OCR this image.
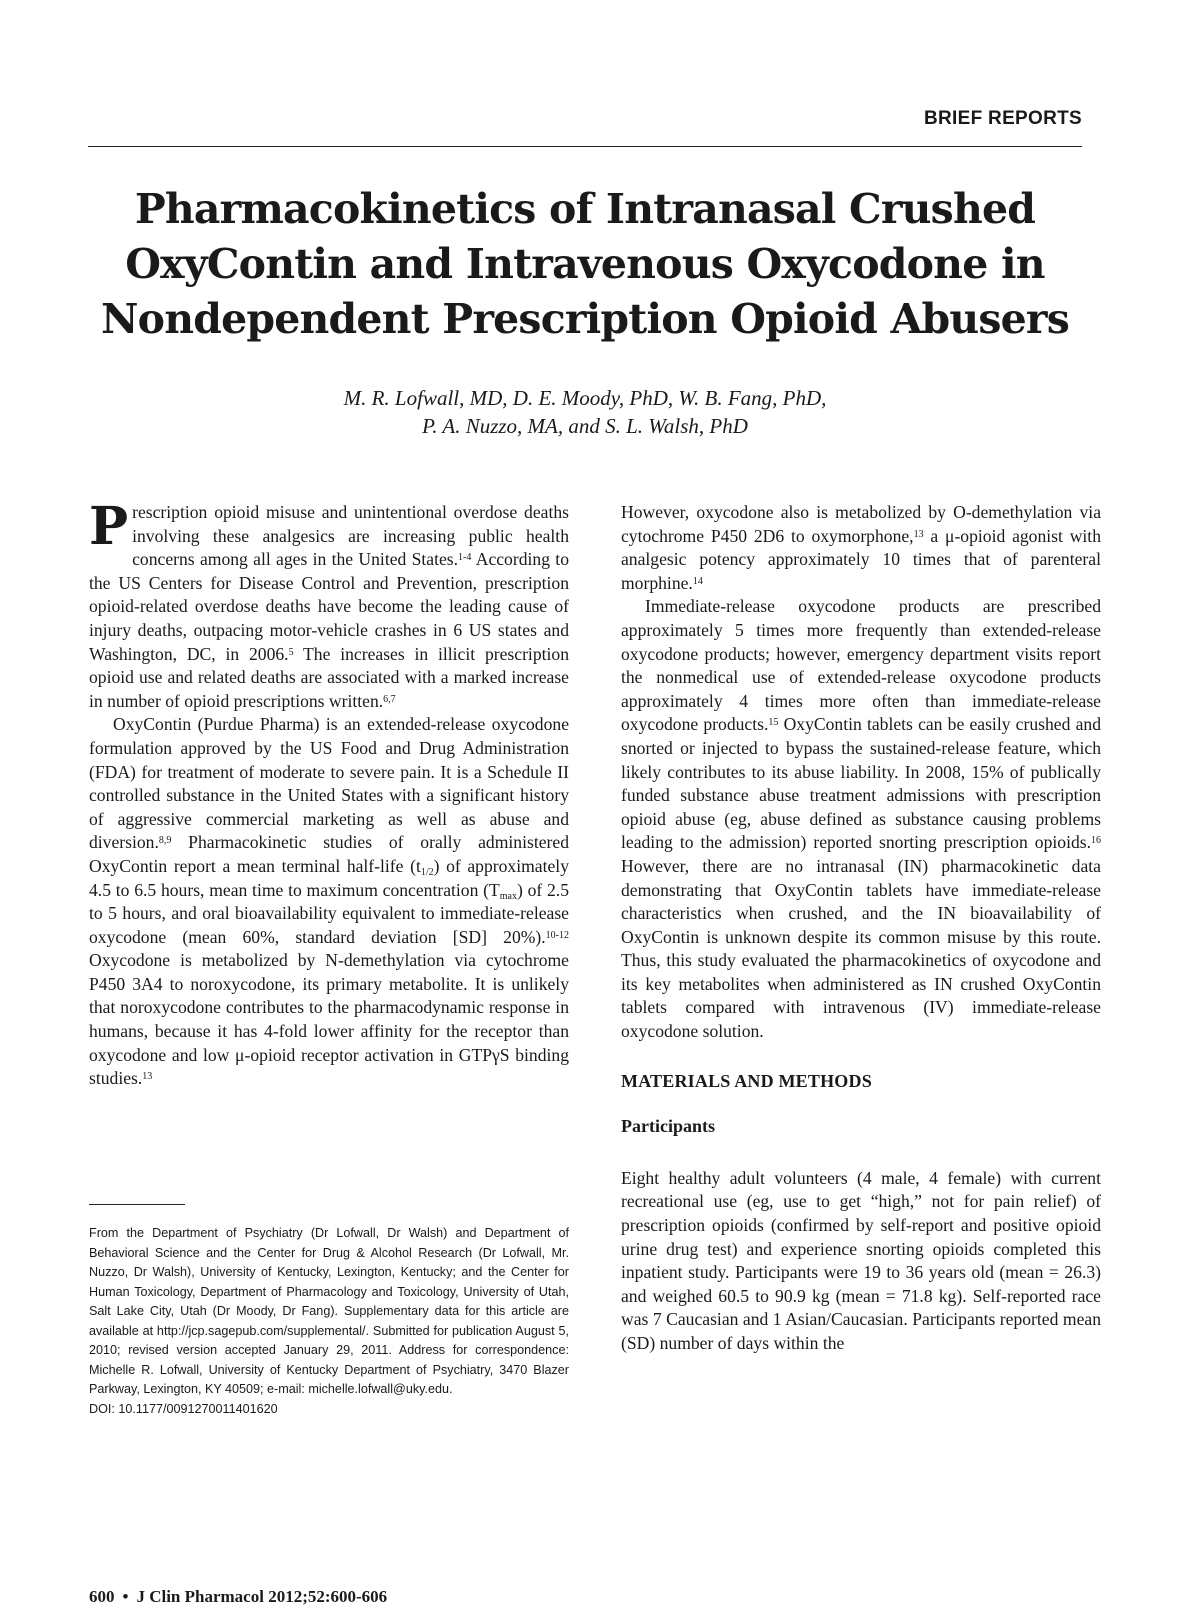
BRIEF REPORTS
Pharmacokinetics of Intranasal Crushed
OxyContin and Intravenous Oxycodone in
Nondependent Prescription Opioid Abusers
M. R. Lofwall, MD, D. E. Moody, PhD, W. B. Fang, PhD,
P. A. Nuzzo, MA, and S. L. Walsh, PhD

Prescription opioid misuse and unintentional overdose deaths involving these analgesics are increasing public health concerns among all ages in the United States.$^{1-4}$ According to the US Centers for Disease Control and Prevention, prescription opioid-related overdose deaths have become the leading cause of injury deaths, outpacing motor-vehicle crashes in 6 US states and Washington, DC, in 2006.$^5$ The increases in illicit prescription opioid use and related deaths are associated with a marked increase in number of opioid prescriptions written.$^{6,7}$

OxyContin (Purdue Pharma) is an extended-release oxycodone formulation approved by the US Food and Drug Administration (FDA) for treatment of moderate to severe pain. It is a Schedule II controlled substance in the United States with a significant history of aggressive commercial marketing as well as abuse and diversion.$^{8,9}$ Pharmacokinetic studies of orally administered OxyContin report a mean terminal half-life $(t_{1/2})$ of approximately 4.5 to 6.5 hours, mean time to maximum concentration $(T_{max})$ of 2.5 to 5 hours, and oral bioavailability equivalent to immediate-release oxycodone (mean 60%, standard deviation [SD] 20%).$^{10-12}$ Oxycodone is metabolized by N-demethylation via cytochrome P450 3A4 to noroxycodone, its primary metabolite. It is unlikely that noroxycodone contributes to the pharmacodynamic response in humans, because it has 4-fold lower affinity for the receptor than oxycodone and low μ-opioid receptor activation in GTPγS binding studies.$^{13}$

However, oxycodone also is metabolized by O-demethylation via cytochrome P450 2D6 to oxymorphone,$^{13}$ a μ-opioid agonist with analgesic potency approximately 10 times that of parenteral morphine.$^{14}$

Immediate-release oxycodone products are prescribed approximately 5 times more frequently than extended-release oxycodone products; however, emergency department visits report the nonmedical use of extended-release oxycodone products approximately 4 times more often than immediate-release oxycodone products.$^{15}$ OxyContin tablets can be easily crushed and snorted or injected to bypass the sustained-release feature, which likely contributes to its abuse liability. In 2008, 15% of publically funded substance abuse treatment admissions with prescription opioid abuse (eg, abuse defined as substance causing problems leading to the admission) reported snorting prescription opioids.$^{16}$ However, there are no intranasal (IN) pharmacokinetic data demonstrating that OxyContin tablets have immediate-release characteristics when crushed, and the IN bioavailability of OxyContin is unknown despite its common misuse by this route. Thus, this study evaluated the pharmacokinetics of oxycodone and its key metabolites when administered as IN crushed OxyContin tablets compared with intravenous (IV) immediate-release oxycodone solution.

MATERIALS AND METHODS
Participants

Eight healthy adult volunteers (4 male, 4 female) with current recreational use (eg, use to get “high,” not for pain relief) of prescription opioids (confirmed by self-report and positive opioid urine drug test) and experience snorting opioids completed this inpatient study. Participants were 19 to 36 years old (mean = 26.3) and weighed 60.5 to 90.9 kg (mean = 71.8 kg). Self-reported race was 7 Caucasian and 1 Asian/Caucasian. Participants reported mean (SD) number of days within the

From the Department of Psychiatry (Dr Lofwall, Dr Walsh) and Department of Behavioral Science and the Center for Drug & Alcohol Research (Dr Lofwall, Mr. Nuzzo, Dr Walsh), University of Kentucky, Lexington, Kentucky; and the Center for Human Toxicology, Department of Pharmacology and Toxicology, University of Utah, Salt Lake City, Utah (Dr Moody, Dr Fang). Supplementary data for this article are available at http://jcp.sagepub.com/supplemental/. Submitted for publication August 5, 2010; revised version accepted January 29, 2011. Address for correspondence: Michelle R. Lofwall, University of Kentucky Department of Psychiatry, 3470 Blazer Parkway, Lexington, KY 40509; e-mail: michelle.lofwall@uky.edu.

DOI: 10.1177/0091270011401620

600 • J Clin Pharmacol 2012;52:600-606
